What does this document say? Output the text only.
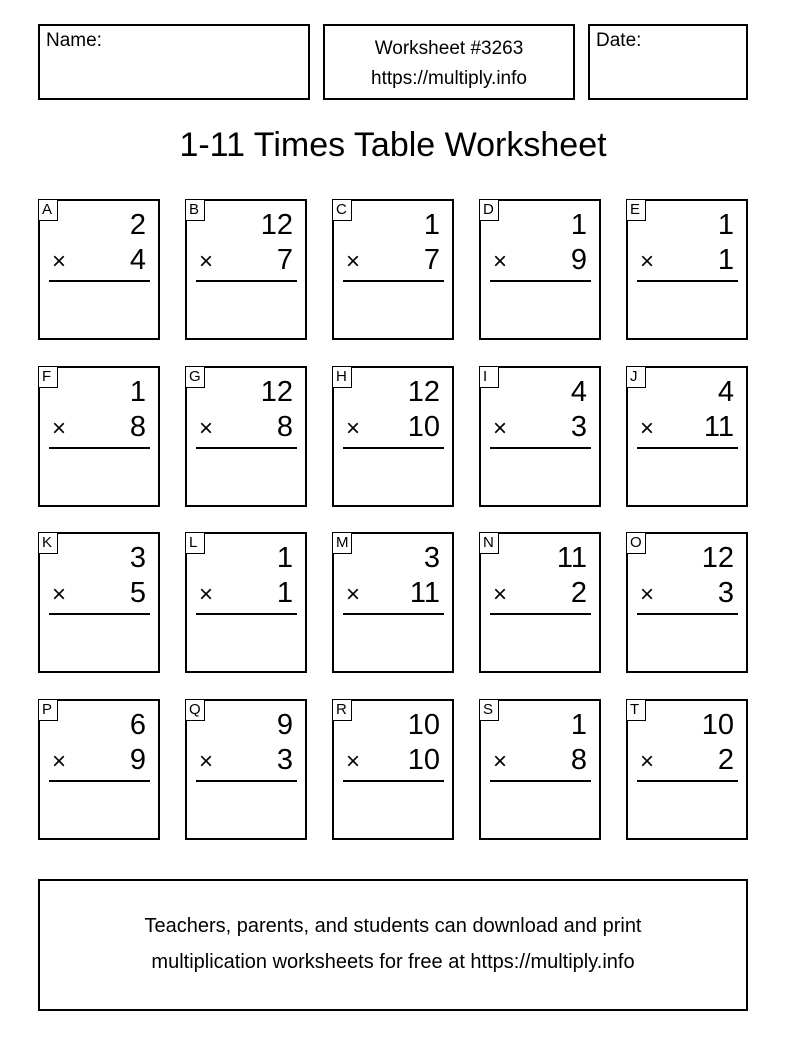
Name:	Worksheet #3263
https://multiply.info
Date:
1-11 Times Table Worksheet
A	2
× 4
B 12
× 7
C	1
× 7
D	1
× 9
E	1
× 1
F	1
× 8
G 12
× 8
H 12
× 10
I	4
× 3
J	4
× 11
K	3
× 5
L	1
× 1
M	3
× 11
N 11
× 2
O 12
× 3
P	6
× 9
Q	9
× 3
R 10
× 10
S	1
× 8
T 10
× 2
Teachers, parents, and students can download and print
multiplication worksheets for free at https://multiply.info
